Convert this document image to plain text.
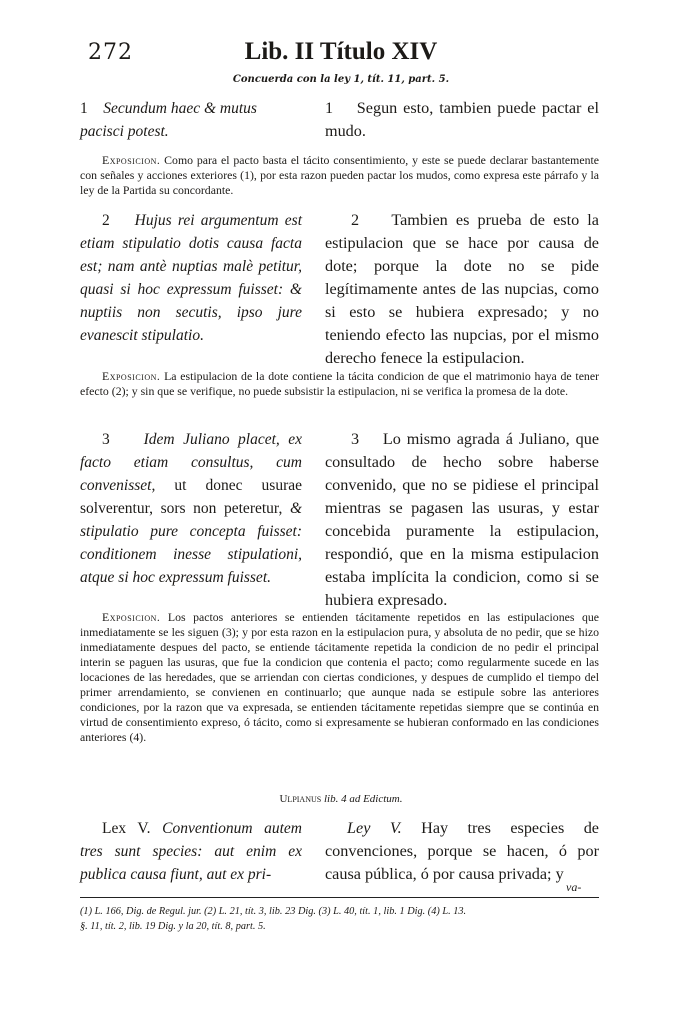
272	Lib. II Título XIV
Concuerda con la ley 1, tít. 11, part. 5.
1 Secundum haec & mutus pacisci potest.
1 Segun esto, tambien puede pactar el mudo.
Exposicion. Como para el pacto basta el tácito consentimiento, y este se puede declarar bastantemente con señales y acciones exteriores (1), por esta razon pueden pactar los mudos, como expresa este párrafo y la ley de la Partida su concordante.
2 Hujus rei argumentum est etiam stipulatio dotis causa facta est; nam antè nuptias malè petitur, quasi si hoc expressum fuisset: & nuptiis non secutis, ipso jure evanescit stipulatio.
2 Tambien es prueba de esto la estipulacion que se hace por causa de dote; porque la dote no se pide legítimamente antes de las nupcias, como si esto se hubiera expresado; y no teniendo efecto las nupcias, por el mismo derecho fenece la estipulacion.
Exposicion. La estipulacion de la dote contiene la tácita condicion de que el matrimonio haya de tener efecto (2); y sin que se verifique, no puede subsistir la estipulacion, ni se verifica la promesa de la dote.
3 Idem Juliano placet, ex facto etiam consultus, cum convenisset, ut donec usurae solverentur, sors non peteretur, & stipulatio pure concepta fuisset: conditionem inesse stipulationi, atque si hoc expressum fuisset.
3 Lo mismo agrada á Juliano, que consultado de hecho sobre haberse convenido, que no se pidiese el principal mientras se pagasen las usuras, y estar concebida puramente la estipulacion, respondió, que en la misma estipulacion estaba implícita la condicion, como si se hubiera expresado.
Exposicion. Los pactos anteriores se entienden tácitamente repetidos en las estipulaciones que inmediatamente se les siguen (3); y por esta razon en la estipulacion pura, y absoluta de no pedir, que se hizo inmediatamente despues del pacto, se entiende tácitamente repetida la condicion de no pedir el principal interin se paguen las usuras, que fue la condicion que contenia el pacto; como regularmente sucede en las locaciones de las heredades, que se arriendan con ciertas condiciones, y despues de cumplido el tiempo del primer arrendamiento, se convienen en continuarlo; que aunque nada se estipule sobre las anteriores condiciones, por la razon que va expresada, se entienden tácitamente repetidas siempre que se continúa en virtud de consentimiento expreso, ó tácito, como si expresamente se hubieran conformado en las condiciones anteriores (4).
Ulpianus lib. 4 ad Edictum.
Lex V. Conventionum autem tres sunt species: aut enim ex publica causa fiunt, aut ex pri-
Ley V. Hay tres especies de convenciones, porque se hacen, ó por causa pública, ó por causa privada; y
va-
(1) L. 166, Dig. de Regul. jur. (2) L. 21, tít. 3, lib. 23 Dig. (3) L. 40, tít. 1, lib. 1 Dig. (4) L. 13.
§. 11, tít. 2, lib. 19 Dig. y la 20, tít. 8, part. 5.
